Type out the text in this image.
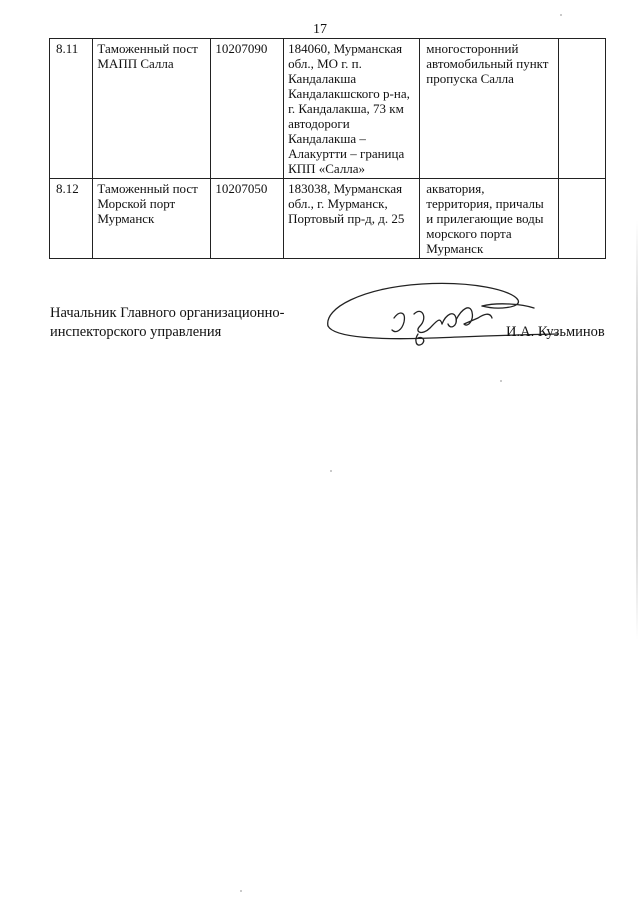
17
8.11	Таможенный пост МАПП Салла	10207090	184060, Мурманская обл., МО г. п. Кандалакша Кандалакшского р-на, г. Кандалакша, 73 км автодороги Кандалакша – Алакуртти – граница КПП «Салла»	многосторонний автомобильный пункт пропуска Салла	
8.12	Таможенный пост Морской порт Мурманск	10207050	183038, Мурманская обл., г. Мурманск, Портовый пр-д, д. 25	акватория, территория, причалы и прилегающие воды морского порта Мурманск	
Начальник Главного организационно-инспекторского управления	И.А. Кузьминов
